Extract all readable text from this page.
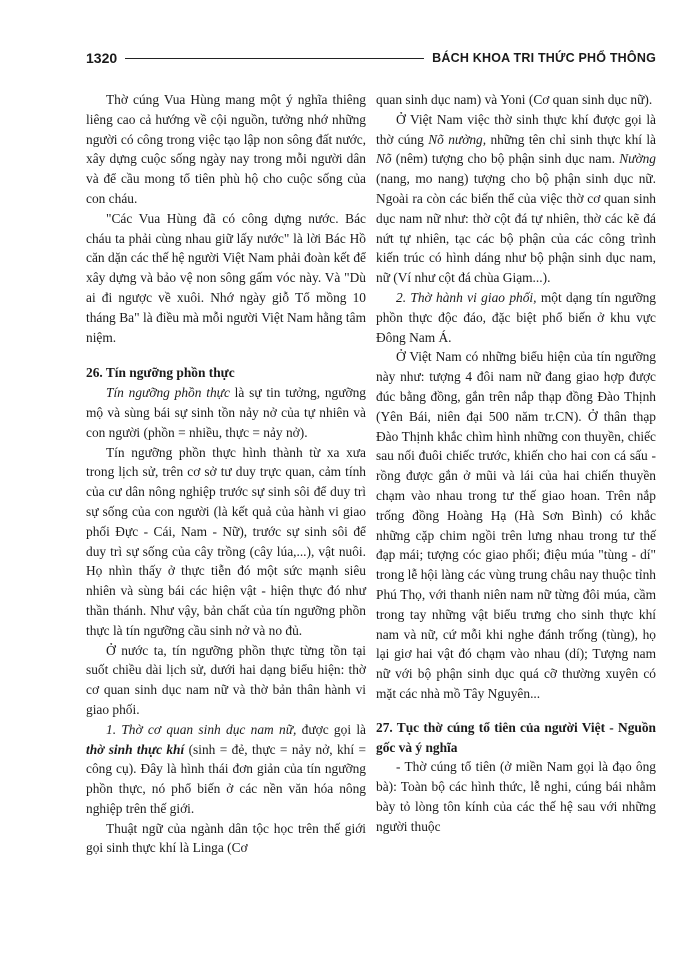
1320	BÁCH KHOA TRI THỨC PHỔ THÔNG

Thờ cúng Vua Hùng mang một ý nghĩa thiêng liêng cao cả hướng về cội nguồn, tưởng nhớ những người có công trong việc tạo lập non sông đất nước, xây dựng cuộc sống ngày nay trong mỗi người dân và để cầu mong tổ tiên phù hộ cho cuộc sống của con cháu.

"Các Vua Hùng đã có công dựng nước. Bác cháu ta phải cùng nhau giữ lấy nước" là lời Bác Hồ căn dặn các thế hệ người Việt Nam phải đoàn kết để xây dựng và bảo vệ non sông gấm vóc này. Và "Dù ai đi ngược về xuôi. Nhớ ngày giỗ Tổ mồng 10 tháng Ba" là điều mà mỗi người Việt Nam hằng tâm niệm.

26. Tín ngưỡng phồn thực

Tín ngưỡng phồn thực là sự tin tưởng, ngưỡng mộ và sùng bái sự sinh tồn nảy nở của tự nhiên và con người (phồn = nhiều, thực = nảy nở).

Tín ngưỡng phồn thực hình thành từ xa xưa trong lịch sử, trên cơ sở tư duy trực quan, cảm tính của cư dân nông nghiệp trước sự sinh sôi để duy trì sự sống của con người (là kết quả của hành vi giao phối Đực - Cái, Nam - Nữ), trước sự sinh sôi để duy trì sự sống của cây trồng (cây lúa,...), vật nuôi. Họ nhìn thấy ở thực tiễn đó một sức mạnh siêu nhiên và sùng bái các hiện vật - hiện thực đó như thần thánh. Như vậy, bản chất của tín ngưỡng phồn thực là tín ngưỡng cầu sinh nở và no đủ.

Ở nước ta, tín ngưỡng phồn thực từng tồn tại suốt chiều dài lịch sử, dưới hai dạng biểu hiện: thờ cơ quan sinh dục nam nữ và thờ bản thân hành vi giao phối.

1. Thờ cơ quan sinh dục nam nữ, được gọi là thờ sinh thực khí (sinh = đẻ, thực = nảy nở, khí = công cụ). Đây là hình thái đơn giản của tín ngưỡng phồn thực, nó phổ biến ở các nền văn hóa nông nghiệp trên thế giới.

Thuật ngữ của ngành dân tộc học trên thế giới gọi sinh thực khí là Linga (Cơ

quan sinh dục nam) và Yoni (Cơ quan sinh dục nữ).

Ở Việt Nam việc thờ sinh thực khí được gọi là thờ cúng Nõ nường, những tên chỉ sinh thực khí là Nõ (nêm) tượng cho bộ phận sinh dục nam. Nường (nang, mo nang) tượng cho bộ phận sinh dục nữ. Ngoài ra còn các biến thể của việc thờ cơ quan sinh dục nam nữ như: thờ cột đá tự nhiên, thờ các kẽ đá nứt tự nhiên, tạc các bộ phận của các công trình kiến trúc có hình dáng như bộ phận sinh dục nam, nữ (Ví như cột đá chùa Giạm...).

2. Thờ hành vi giao phối, một dạng tín ngưỡng phồn thực độc đáo, đặc biệt phổ biến ở khu vực Đông Nam Á.

Ở Việt Nam có những biểu hiện của tín ngưỡng này như: tượng 4 đôi nam nữ đang giao hợp được đúc bằng đồng, gắn trên nắp thạp đồng Đào Thịnh (Yên Bái, niên đại 500 năm tr.CN). Ở thân thạp Đào Thịnh khắc chìm hình những con thuyền, chiếc sau nối đuôi chiếc trước, khiến cho hai con cá sấu - rồng được gắn ở mũi và lái của hai chiến thuyền chạm vào nhau trong tư thế giao hoan. Trên nắp trống đồng Hoàng Hạ (Hà Sơn Bình) có khắc những cặp chim ngồi trên lưng nhau trong tư thế đạp mái; tượng cóc giao phối; điệu múa "tùng - dí" trong lễ hội làng các vùng trung châu nay thuộc tỉnh Phú Thọ, với thanh niên nam nữ từng đôi múa, cầm trong tay những vật biểu trưng cho sinh thực khí nam và nữ, cứ mỗi khi nghe đánh trống (tùng), họ lại giơ hai vật đó chạm vào nhau (dí); Tượng nam nữ với bộ phận sinh dục quá cỡ thường xuyên có mặt các nhà mồ Tây Nguyên...

27. Tục thờ cúng tổ tiên của người Việt - Nguồn gốc và ý nghĩa

- Thờ cúng tổ tiên (ở miền Nam gọi là đạo ông bà): Toàn bộ các hình thức, lễ nghi, cúng bái nhằm bày tỏ lòng tôn kính của các thế hệ sau với những người thuộc
